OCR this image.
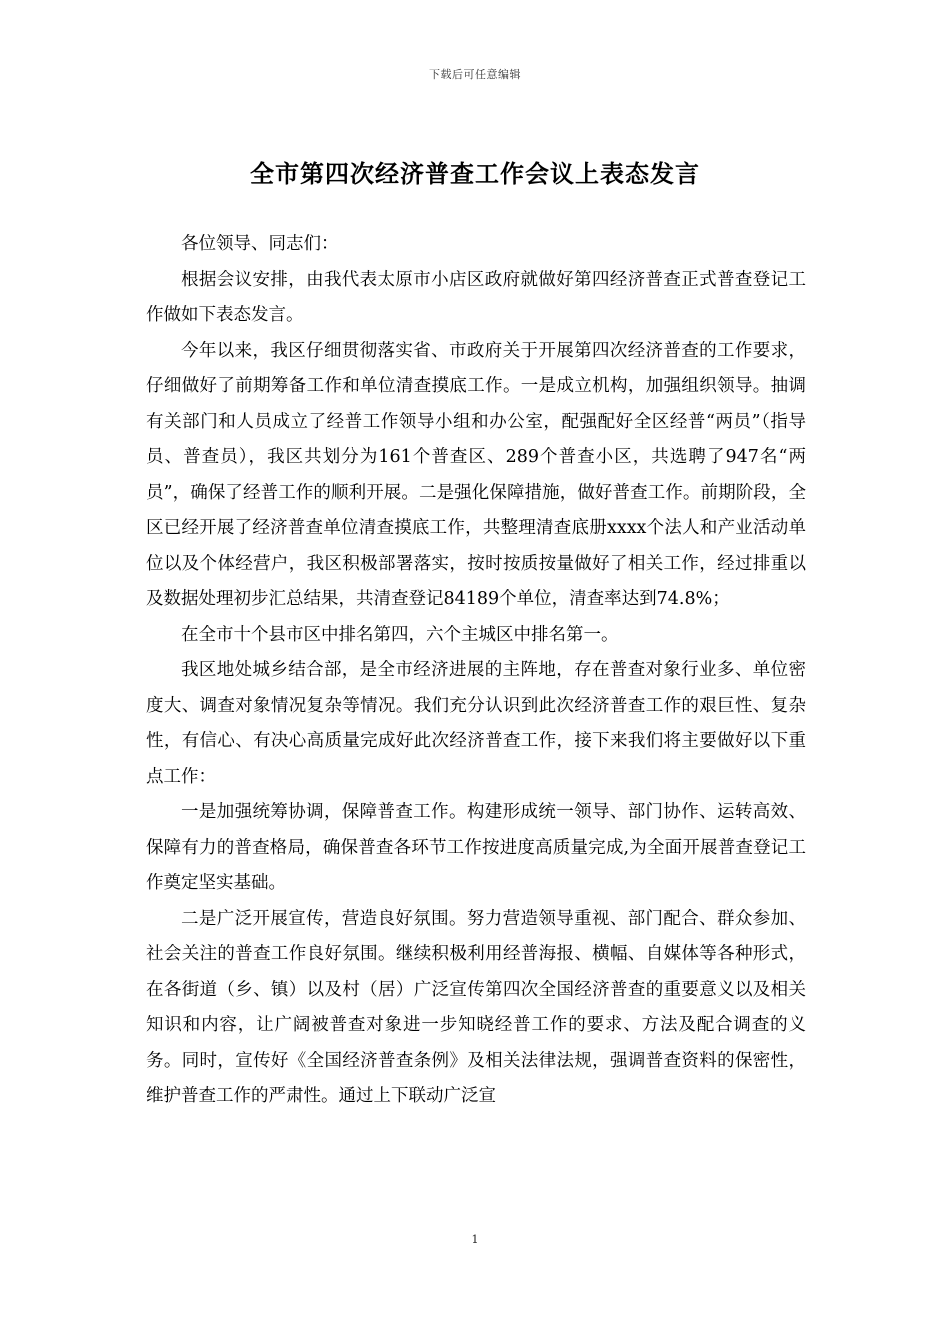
下载后可任意编辑
全市第四次经济普查工作会议上表态发言

各位领导、同志们：

根据会议安排，由我代表太原市小店区政府就做好第四经济普查正式普查登记工作做如下表态发言。

今年以来，我区仔细贯彻落实省、市政府关于开展第四次经济普查的工作要求，仔细做好了前期筹备工作和单位清查摸底工作。一是成立机构，加强组织领导。抽调有关部门和人员成立了经普工作领导小组和办公室，配强配好全区经普“两员”（指导员、普查员），我区共划分为161个普查区、289个普查小区，共选聘了947名“两员”，确保了经普工作的顺利开展。二是强化保障措施，做好普查工作。前期阶段，全区已经开展了经济普查单位清查摸底工作，共整理清查底册xxxx个法人和产业活动单位以及个体经营户，我区积极部署落实，按时按质按量做好了相关工作，经过排重以及数据处理初步汇总结果，共清查登记84189个单位，清查率达到74.8%；

在全市十个县市区中排名第四，六个主城区中排名第一。

我区地处城乡结合部，是全市经济进展的主阵地，存在普查对象行业多、单位密度大、调查对象情况复杂等情况。我们充分认识到此次经济普查工作的艰巨性、复杂性，有信心、有决心高质量完成好此次经济普查工作，接下来我们将主要做好以下重点工作：

一是加强统筹协调，保障普查工作。构建形成统一领导、部门协作、运转高效、保障有力的普查格局，确保普查各环节工作按进度高质量完成,为全面开展普查登记工作奠定坚实基础。

二是广泛开展宣传，营造良好氛围。努力营造领导重视、部门配合、群众参加、社会关注的普查工作良好氛围。继续积极利用经普海报、横幅、自媒体等各种形式，在各街道（乡、镇）以及村（居）广泛宣传第四次全国经济普查的重要意义以及相关知识和内容，让广阔被普查对象进一步知晓经普工作的要求、方法及配合调查的义务。同时，宣传好《全国经济普查条例》及相关法律法规，强调普查资料的保密性，维护普查工作的严肃性。通过上下联动广泛宣

1
